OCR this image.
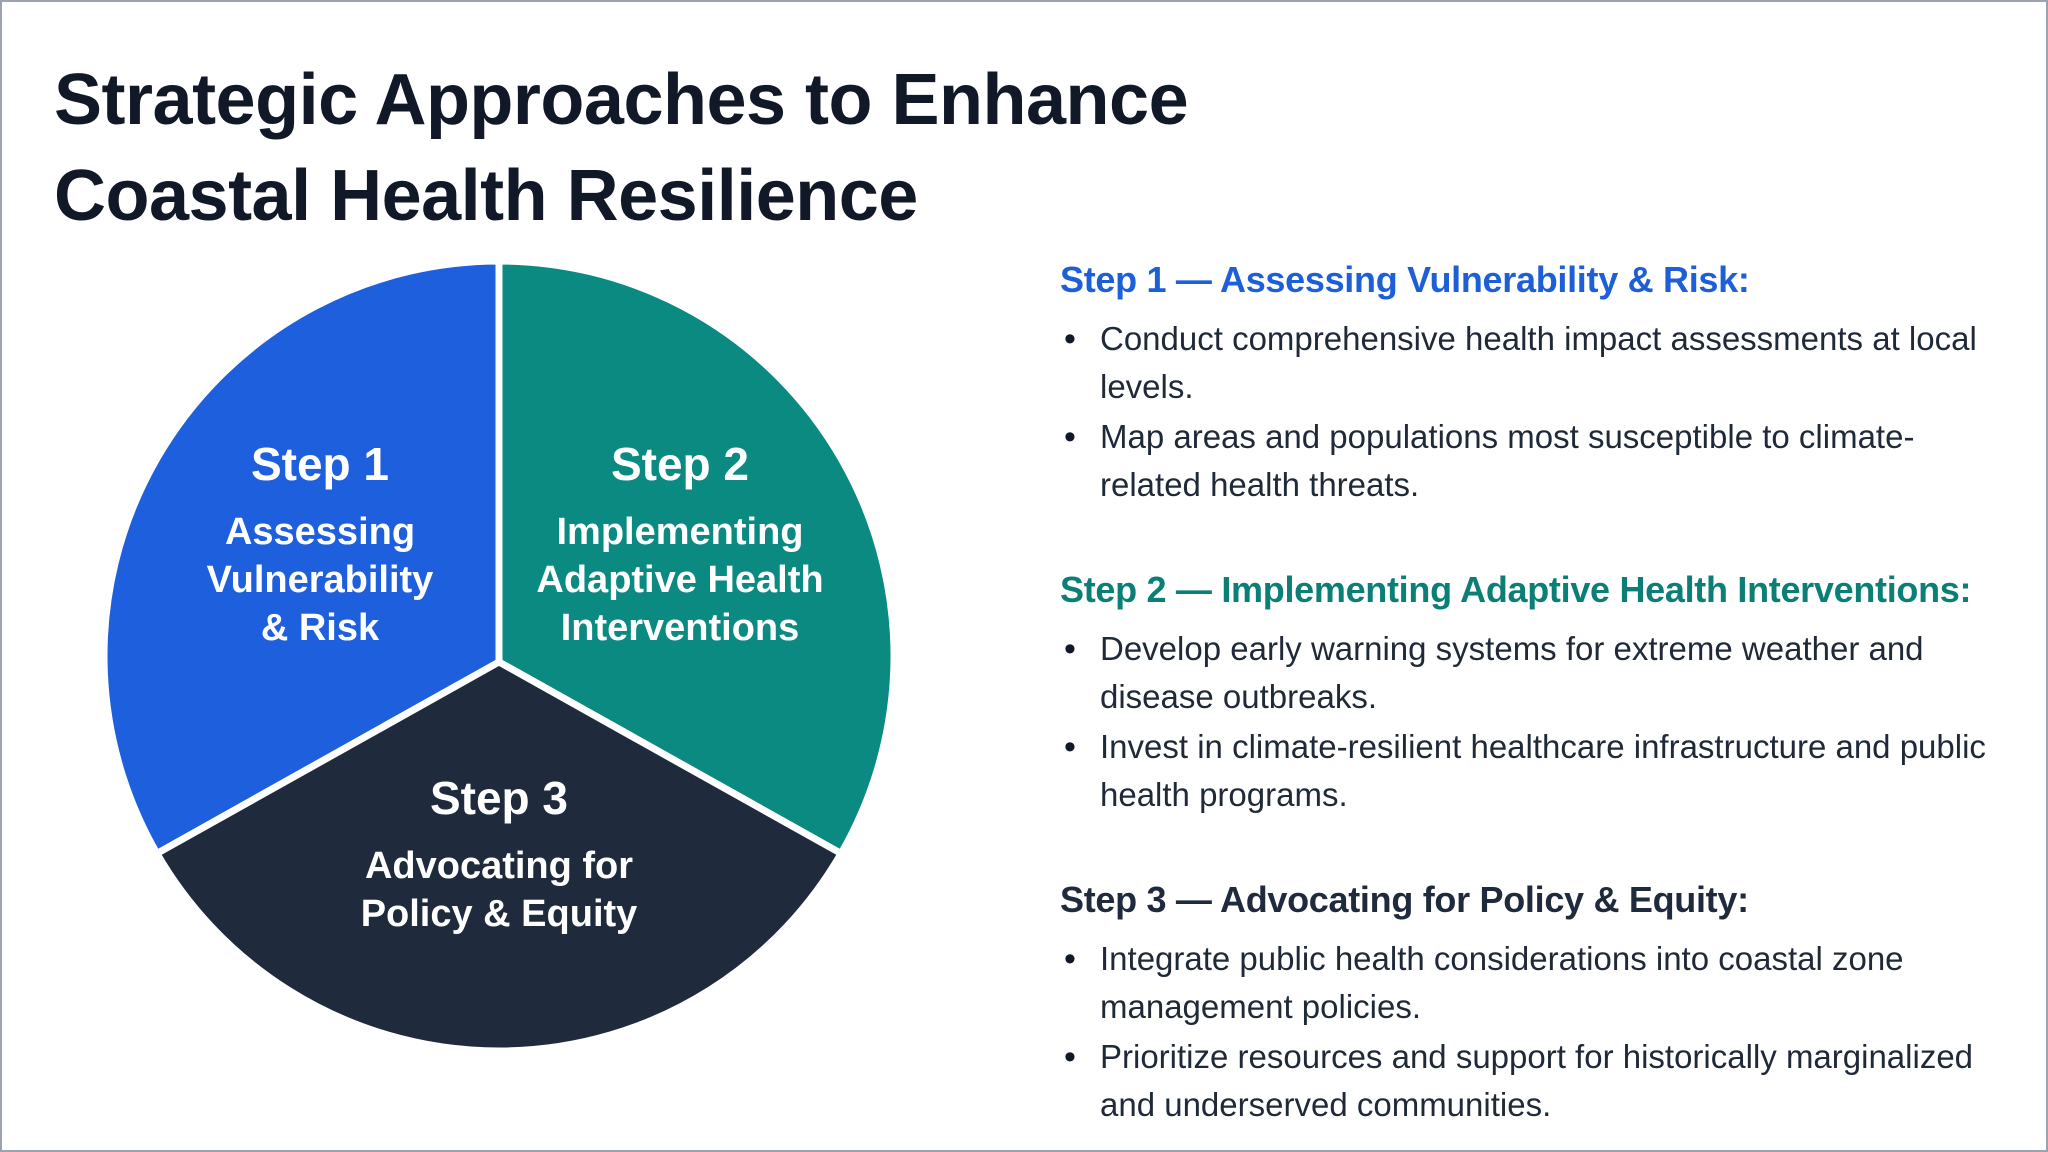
Strategic Approaches to Enhance
Coastal Health Resilience
Step 1
Assessing
Vulnerability
& Risk
Step 2
Implementing
Adaptive Health
Interventions
Step 3
Advocating for
Policy & Equity
Step 1 — Assessing Vulnerability & Risk:
• Conduct comprehensive health impact assessments at local levels.
• Map areas and populations most susceptible to climate-related health threats.
Step 2 — Implementing Adaptive Health Interventions:
• Develop early warning systems for extreme weather and disease outbreaks.
• Invest in climate-resilient healthcare infrastructure and public health programs.
Step 3 — Advocating for Policy & Equity:
• Integrate public health considerations into coastal zone management policies.
• Prioritize resources and support for historically marginalized and underserved communities.
